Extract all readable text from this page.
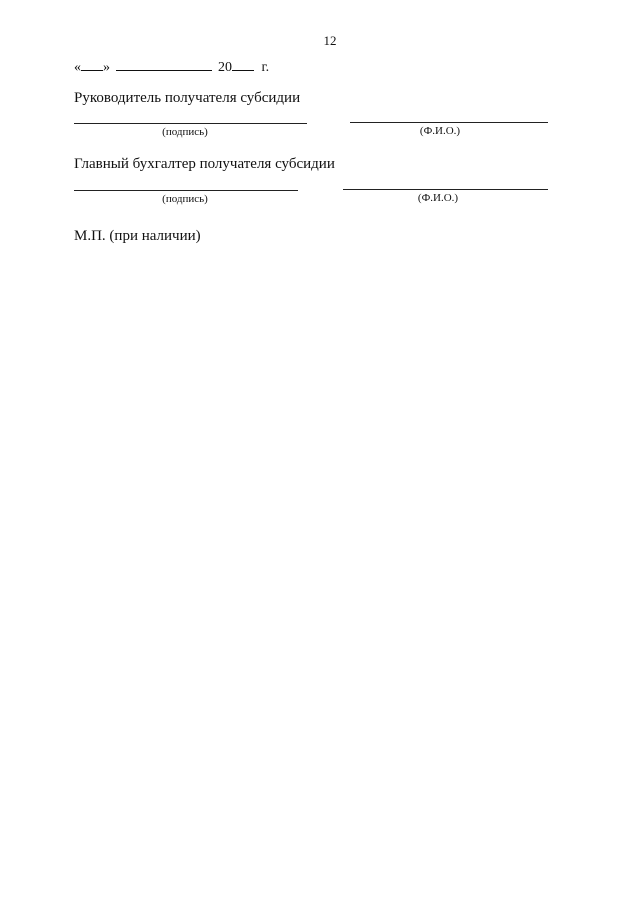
12
« »	20 г.
Руководитель получателя субсидии
(подпись)	(Ф.И.О.)
Главный бухгалтер получателя субсидии
(подпись)	(Ф.И.О.)
М.П. (при наличии)
